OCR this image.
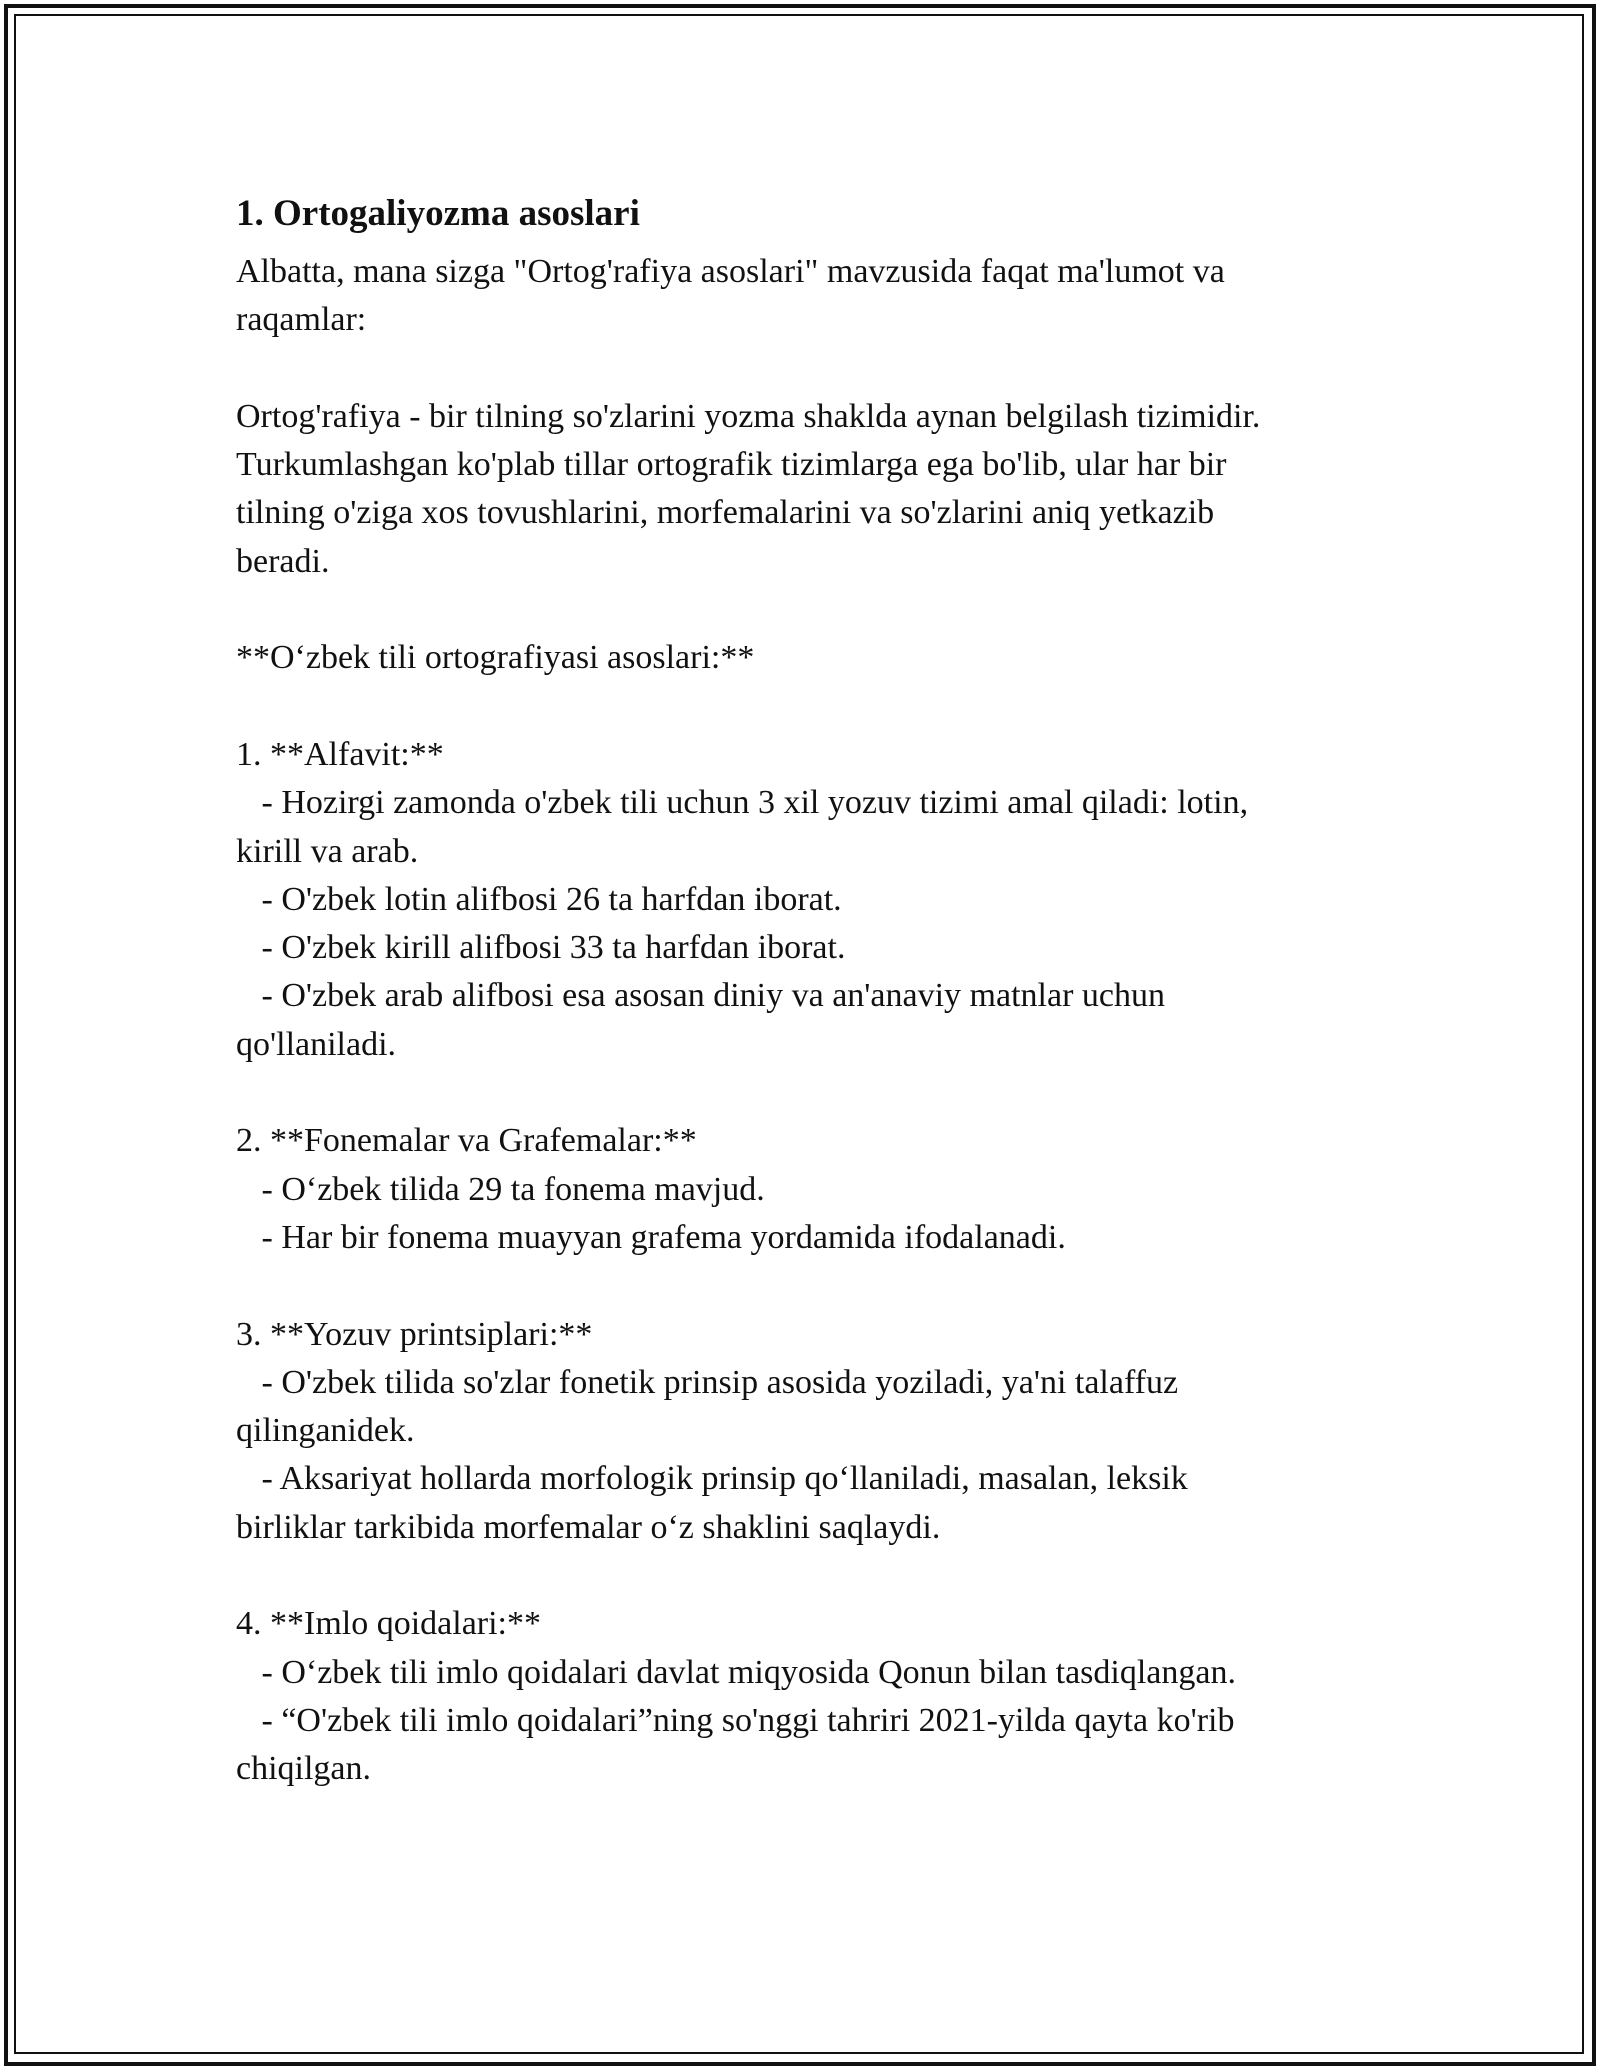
1. Ortogaliyozma asoslari
Albatta, mana sizga "Ortog'rafiya asoslari" mavzusida faqat ma'lumot va
raqamlar:

Ortog'rafiya - bir tilning so'zlarini yozma shaklda aynan belgilash tizimidir.
Turkumlashgan ko'plab tillar ortografik tizimlarga ega bo'lib, ular har bir
tilning o'ziga xos tovushlarini, morfemalarini va so'zlarini aniq yetkazib
beradi.

**O‘zbek tili ortografiyasi asoslari:**

1. **Alfavit:**
- Hozirgi zamonda o'zbek tili uchun 3 xil yozuv tizimi amal qiladi: lotin,
kirill va arab.
- O'zbek lotin alifbosi 26 ta harfdan iborat.
- O'zbek kirill alifbosi 33 ta harfdan iborat.
- O'zbek arab alifbosi esa asosan diniy va an'anaviy matnlar uchun
qo'llaniladi.

2. **Fonemalar va Grafemalar:**
- O‘zbek tilida 29 ta fonema mavjud.
- Har bir fonema muayyan grafema yordamida ifodalanadi.

3. **Yozuv printsiplari:**
- O'zbek tilida so'zlar fonetik prinsip asosida yoziladi, ya'ni talaffuz
qilinganidek.
- Aksariyat hollarda morfologik prinsip qo‘llaniladi, masalan, leksik
birliklar tarkibida morfemalar o‘z shaklini saqlaydi.

4. **Imlo qoidalari:**
- O‘zbek tili imlo qoidalari davlat miqyosida Qonun bilan tasdiqlangan.
- “O'zbek tili imlo qoidalari”ning so'nggi tahriri 2021-yilda qayta ko'rib
chiqilgan.
